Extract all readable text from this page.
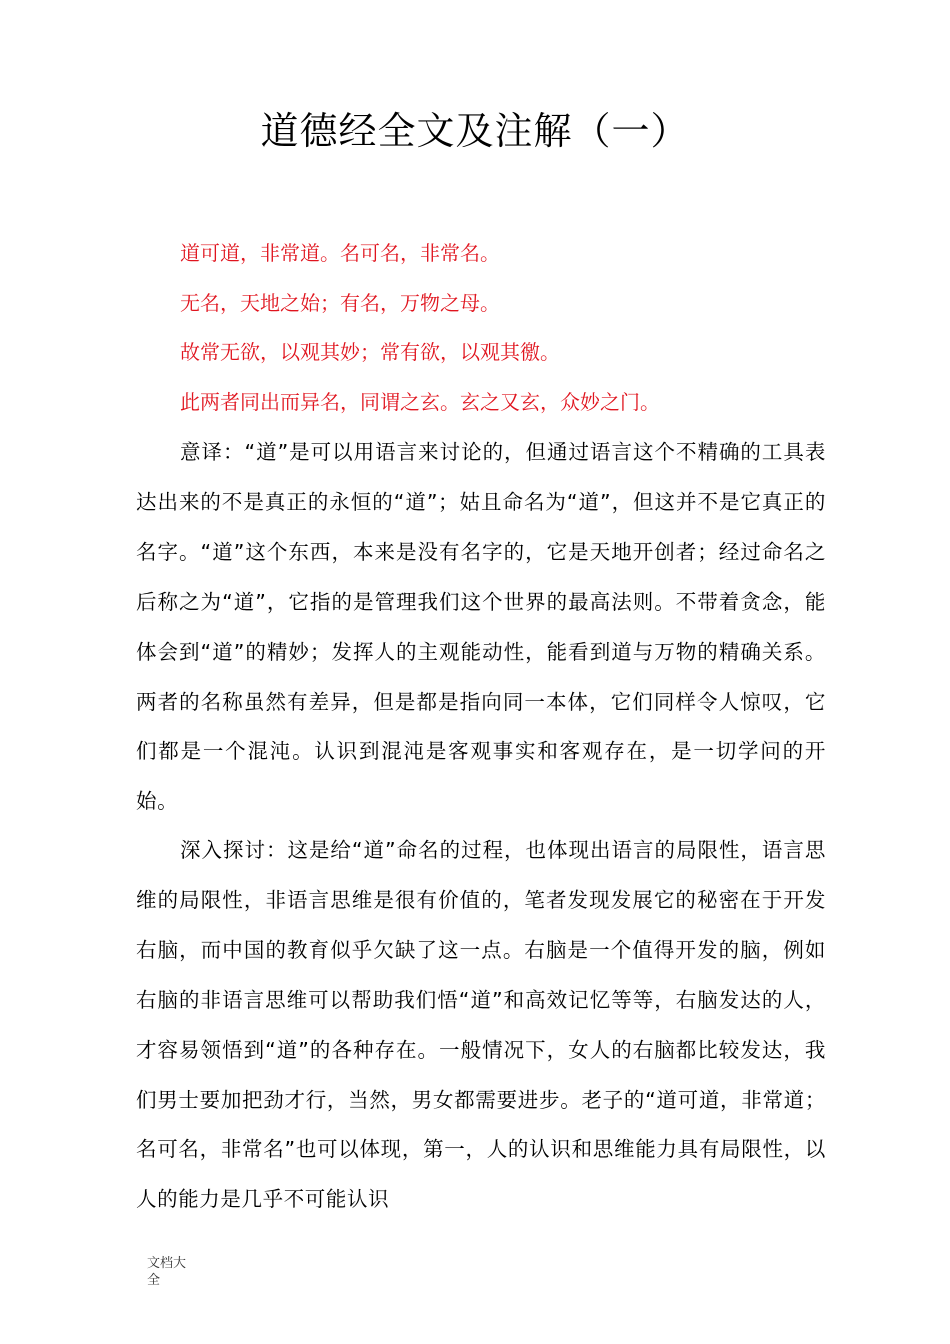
道德经全文及注解（一）

道可道，非常道。名可名，非常名。

无名，天地之始；有名，万物之母。

故常无欲，以观其妙；常有欲，以观其徼。

此两者同出而异名，同谓之玄。玄之又玄，众妙之门。

意译：“道”是可以用语言来讨论的，但通过语言这个不精确的工具表达出来的不是真正的永恒的“道”；姑且命名为“道”，但这并不是它真正的名字。“道”这个东西，本来是没有名字的，它是天地开创者；经过命名之后称之为“道”，它指的是管理我们这个世界的最高法则。不带着贪念，能体会到“道”的精妙；发挥人的主观能动性，能看到道与万物的精确关系。两者的名称虽然有差异，但是都是指向同一本体，它们同样令人惊叹，它们都是一个混沌。认识到混沌是客观事实和客观存在，是一切学问的开始。

深入探讨：这是给“道”命名的过程，也体现出语言的局限性，语言思维的局限性，非语言思维是很有价值的，笔者发现发展它的秘密在于开发右脑，而中国的教育似乎欠缺了这一点。右脑是一个值得开发的脑，例如右脑的非语言思维可以帮助我们悟“道”和高效记忆等等，右脑发达的人，才容易领悟到“道”的各种存在。一般情况下，女人的右脑都比较发达，我们男士要加把劲才行，当然，男女都需要进步。老子的“道可道，非常道；名可名，非常名”也可以体现，第一，人的认识和思维能力具有局限性，以人的能力是几乎不可能认识

文档大全
